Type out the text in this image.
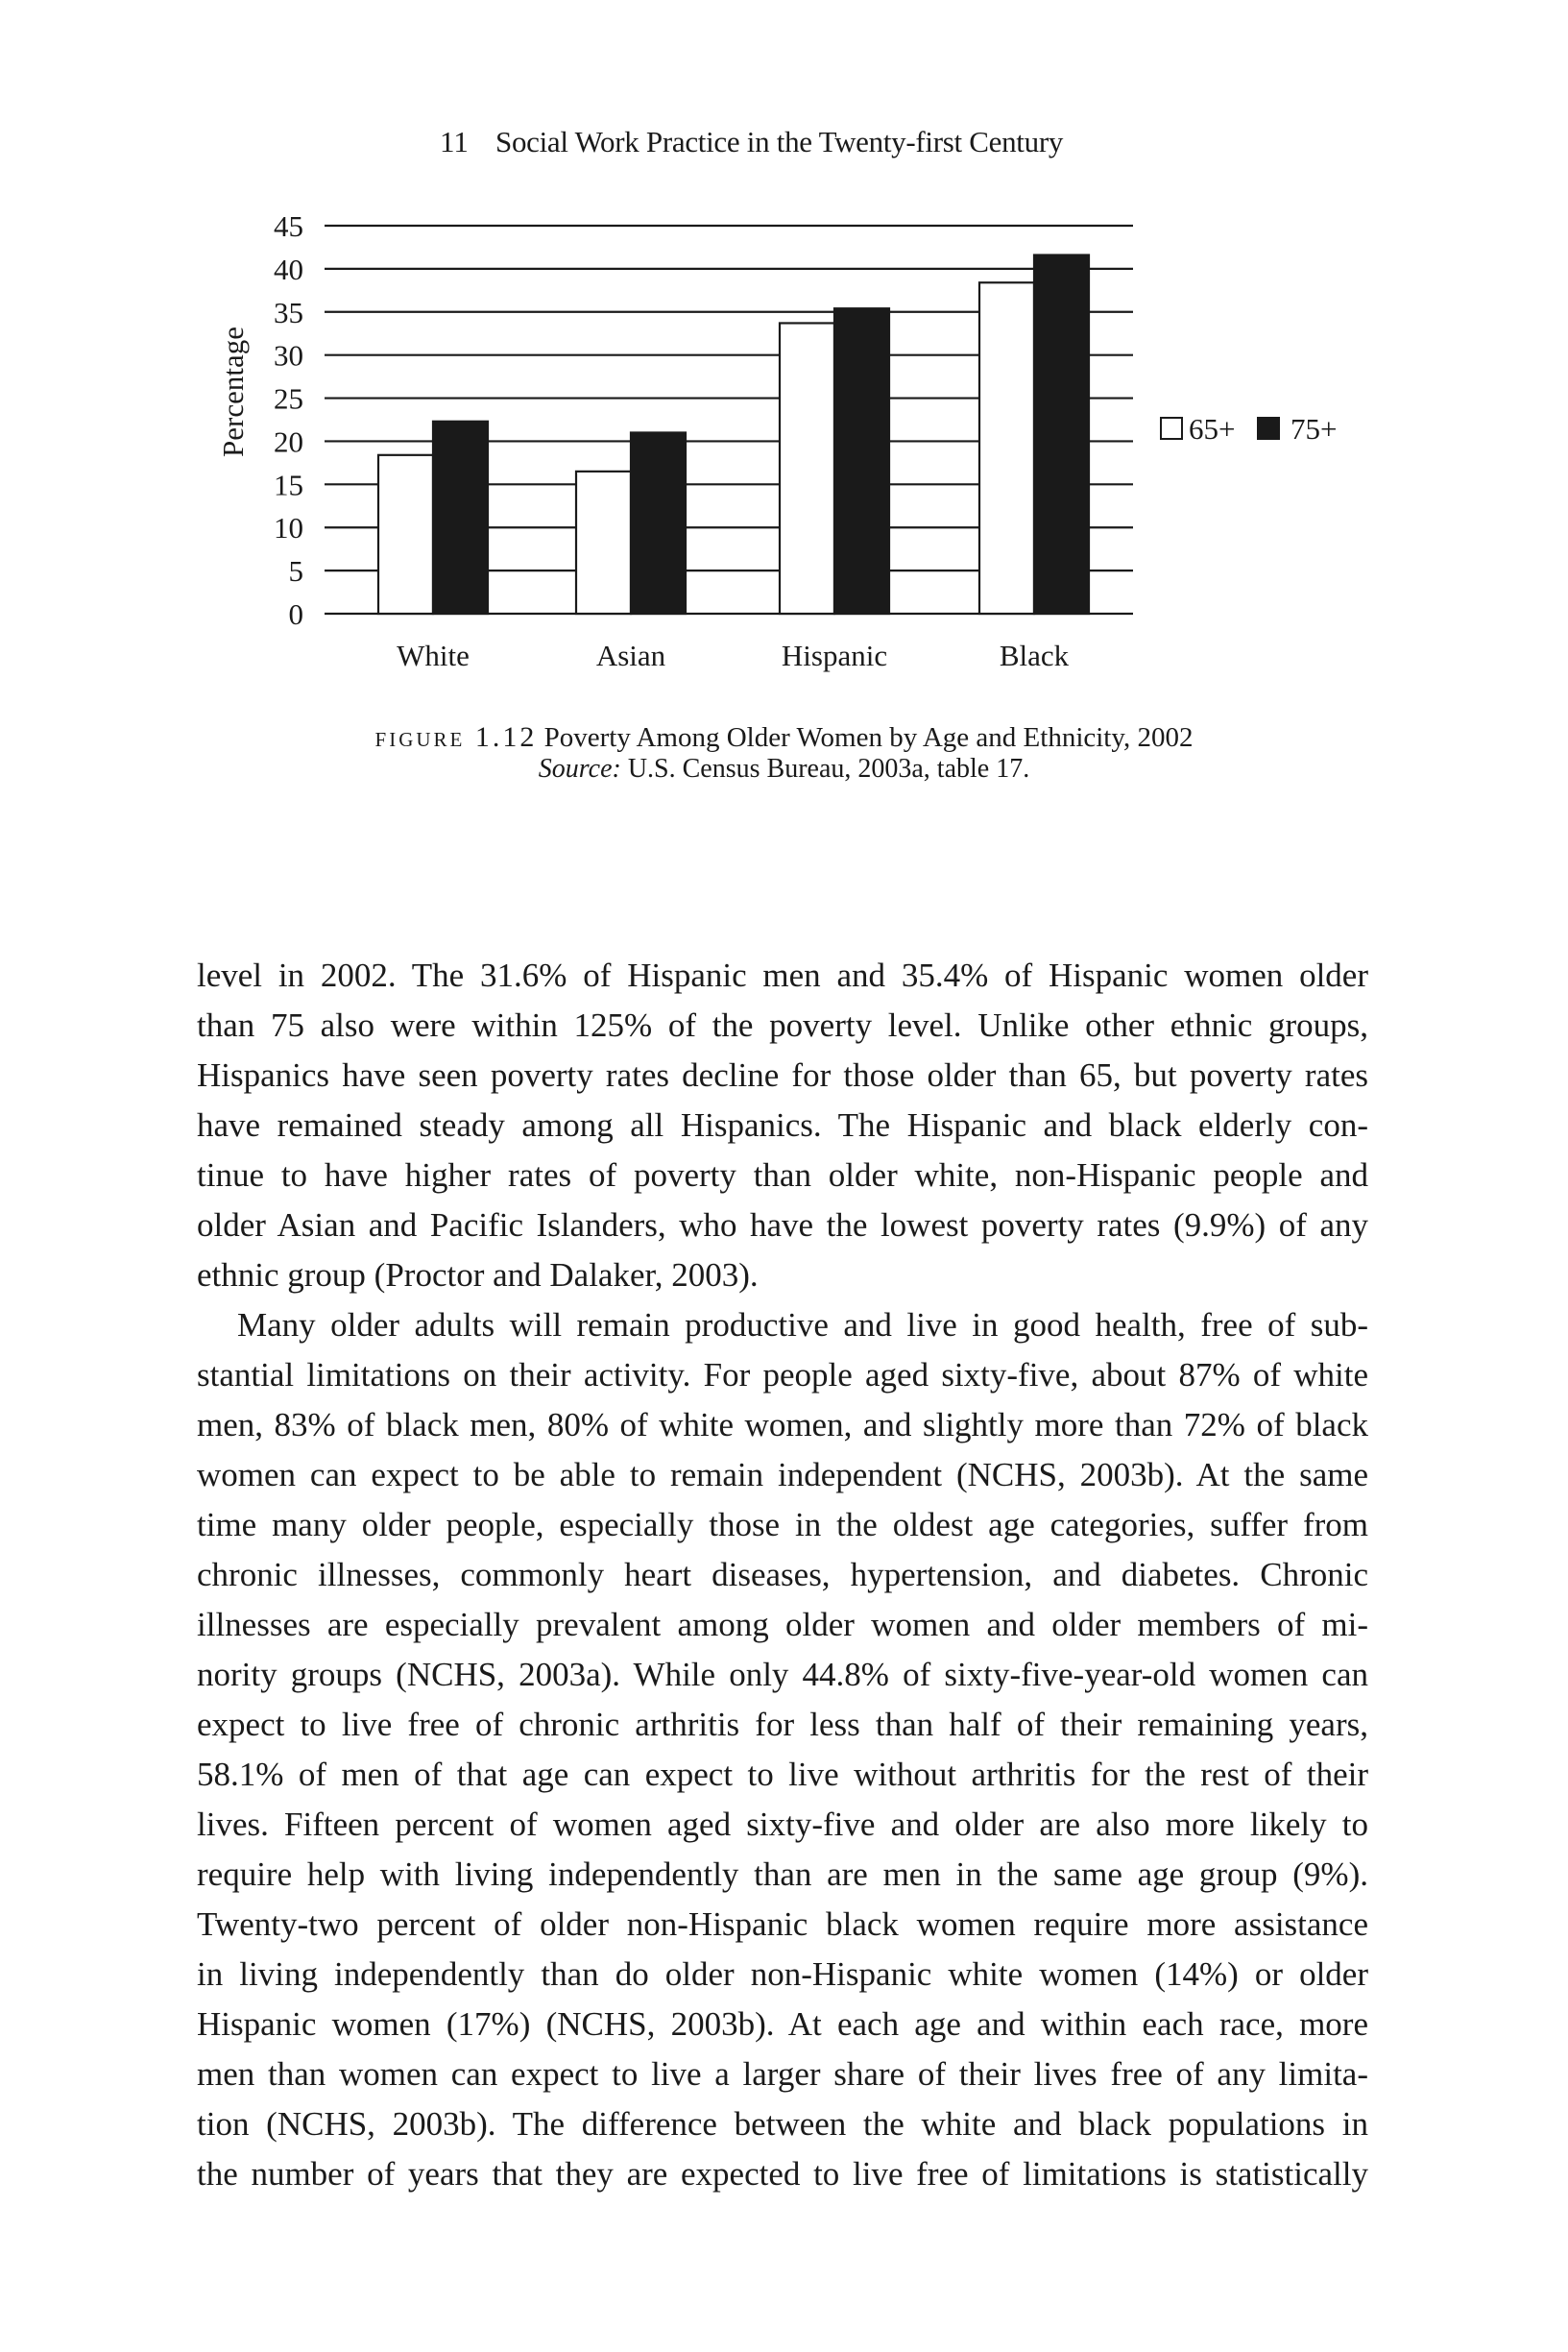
11 Social Work Practice in the Twenty-first Century
0
5
10
15
20
25
30
35
40
45
White	Asian	Hispanic	Black
Percentage	65+ 75+
figure 1.12 Poverty Among Older Women by Age and Ethnicity, 2002
Source: U.S. Census Bureau, 2003a, table 17.
level in 2002. The 31.6% of Hispanic men and 35.4% of Hispanic women older
than 75 also were within 125% of the poverty level. Unlike other ethnic groups,
Hispanics have seen poverty rates decline for those older than 65, but poverty rates
have remained steady among all Hispanics. The Hispanic and black elderly con-
tinue to have higher rates of poverty than older white, non-Hispanic people and
older Asian and Pacific Islanders, who have the lowest poverty rates (9.9%) of any
ethnic group (Proctor and Dalaker, 2003).
Many older adults will remain productive and live in good health, free of sub-
stantial limitations on their activity. For people aged sixty-five, about 87% of white
men, 83% of black men, 80% of white women, and slightly more than 72% of black
women can expect to be able to remain independent (NCHS, 2003b). At the same
time many older people, especially those in the oldest age categories, suffer from
chronic illnesses, commonly heart diseases, hypertension, and diabetes. Chronic
illnesses are especially prevalent among older women and older members of mi-
nority groups (NCHS, 2003a). While only 44.8% of sixty-five-year-old women can
expect to live free of chronic arthritis for less than half of their remaining years,
58.1% of men of that age can expect to live without arthritis for the rest of their
lives. Fifteen percent of women aged sixty-five and older are also more likely to
require help with living independently than are men in the same age group (9%).
Twenty-two percent of older non-Hispanic black women require more assistance
in living independently than do older non-Hispanic white women (14%) or older
Hispanic women (17%) (NCHS, 2003b). At each age and within each race, more
men than women can expect to live a larger share of their lives free of any limita-
tion (NCHS, 2003b). The difference between the white and black populations in
the number of years that they are expected to live free of limitations is statistically
